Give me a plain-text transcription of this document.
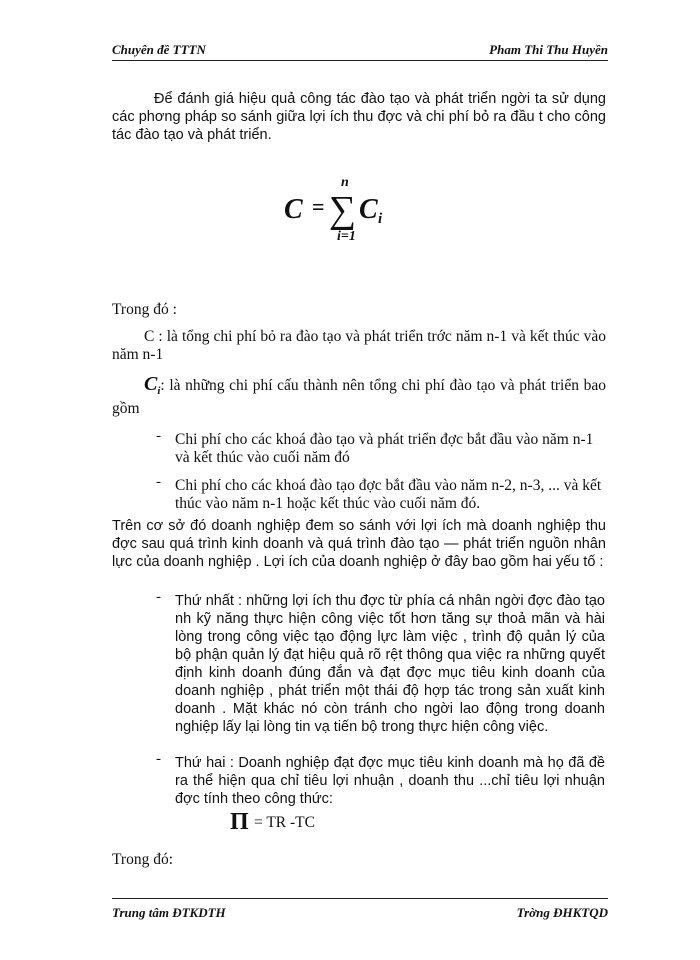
Chuyên đề TTTN	Pham Thi Thu Huyền
Để đánh giá hiệu quả công tác đào tạo và phát triển ngời ta sử dụng các phơng pháp so sánh giữa lợi ích thu đợc và chi phí bỏ ra đầu t cho công tác đào tạo và phát triển.
C = ∑
n
i=1
C i
Trong đó :
C : là tổng chi phí bỏ ra đào tạo và phát triển trớc năm n-1 và kết thúc vào năm n-1
$C_i$: là những chi phí cấu thành nên tổng chi phí đào tạo và phát triển bao gồm
- Chi phí cho các khoá đào tạo và phát triển đợc bắt đầu vào năm n-1 và kết thúc vào cuối năm đó
- Chi phí cho các khoá đào tạo đợc bắt đầu vào năm n-2, n-3, ... và kết thúc vào năm n-1 hoặc kết thúc vào cuối năm đó.
Trên cơ sở đó doanh nghiệp đem so sánh với lợi ích mà doanh nghiệp thu đợc sau quá trình kinh doanh và quá trình đào tạo — phát triển nguồn nhân lực của doanh nghiệp . Lợi ích của doanh nghiệp ở đây bao gồm hai yếu tố :
- Thứ nhất : những lợi ích thu đợc từ phía cá nhân ngời đợc đào tạo nh kỹ năng thực hiện công việc tốt hơn tăng sự thoả mãn và hài lòng trong công việc tạo động lực làm việc , trình độ quản lý của bộ phận quản lý đạt hiệu quả rõ rệt thông qua việc ra những quyết định kinh doanh đúng đắn và đạt đợc mục tiêu kinh doanh của doanh nghiệp , phát triển một thái độ hợp tác trong sản xuất kinh doanh . Mặt khác nó còn tránh cho ngời lao động trong doanh nghiệp lấy lại lòng tin vạ tiến bộ trong thực hiện công việc.
- Thứ hai : Doanh nghiệp đạt đợc mục tiêu kinh doanh mà họ đã đề ra thể hiện qua chỉ tiêu lợi nhuận , doanh thu ...chỉ tiêu lợi nhuận đợc tính theo công thức:
Π = TR -TC
Trong đó:
Trung tâm ĐTKDTH	Trờng ĐHKTQD
